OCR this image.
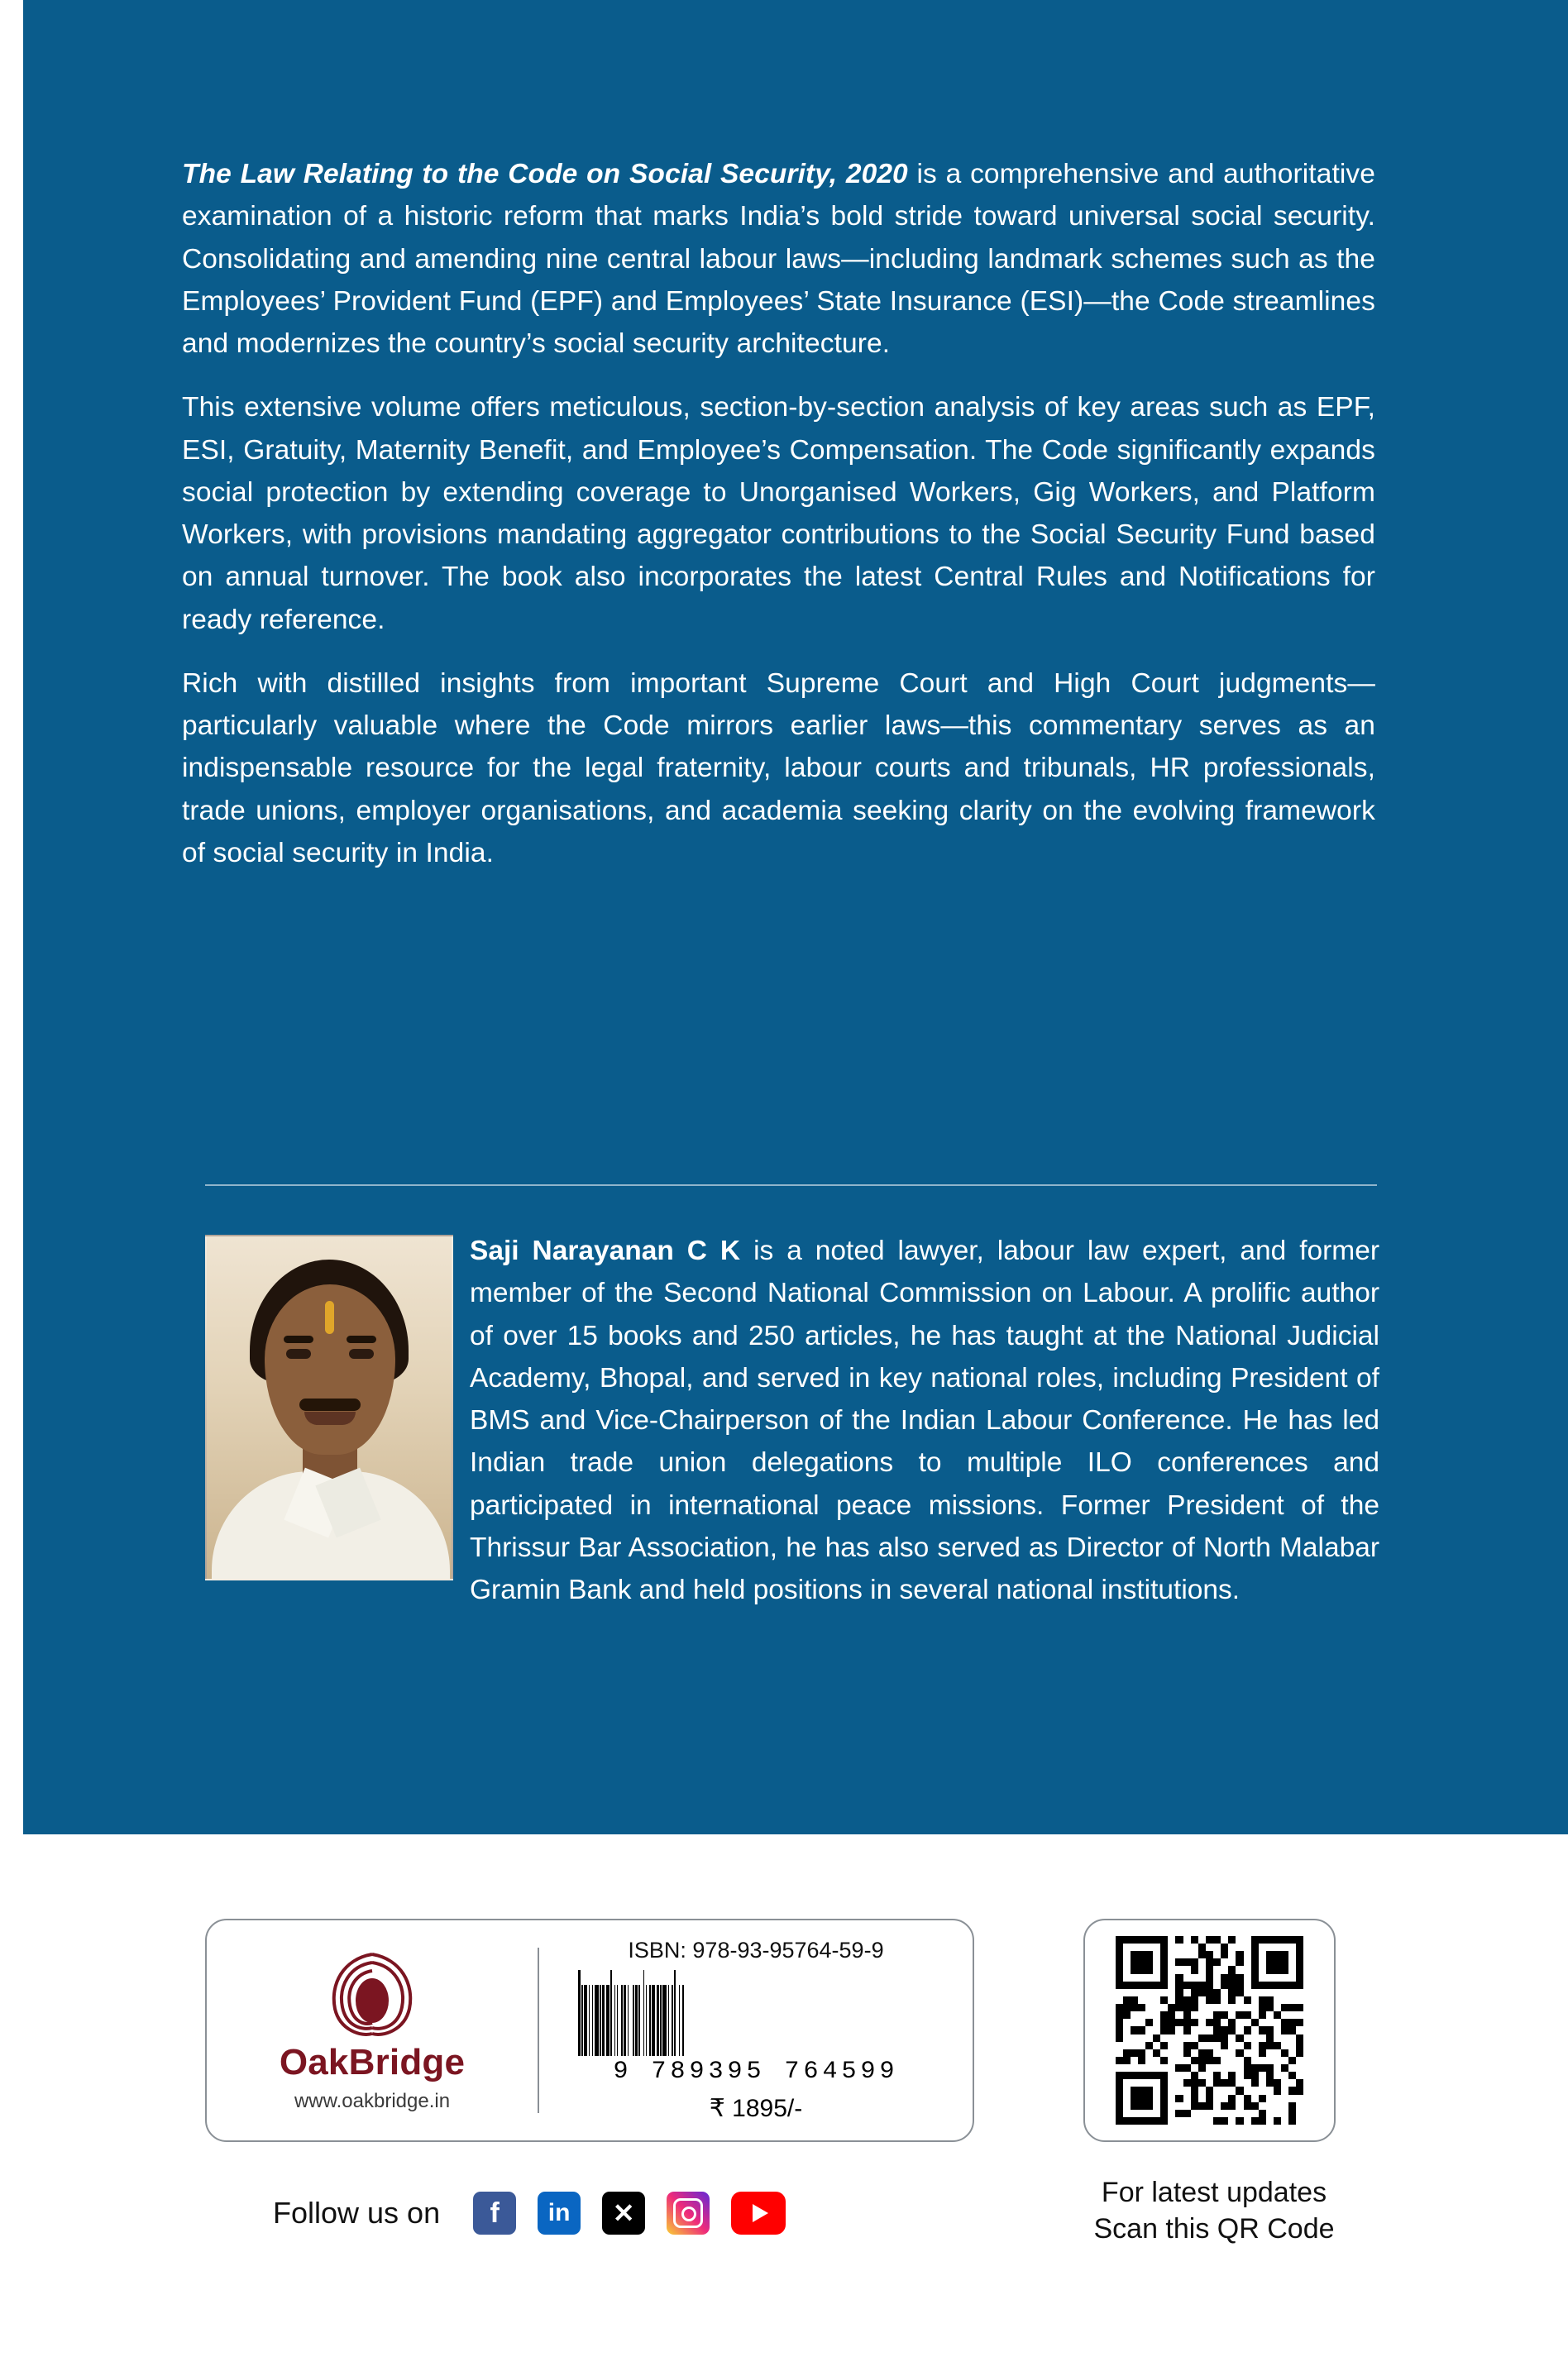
The Law Relating to the Code on Social Security, 2020 is a comprehensive and authoritative examination of a historic reform that marks India’s bold stride toward universal social security. Consolidating and amending nine central labour laws—including landmark schemes such as the Employees’ Provident Fund (EPF) and Employees’ State Insurance (ESI)—the Code streamlines and modernizes the country’s social security architecture.

This extensive volume offers meticulous, section-by-section analysis of key areas such as EPF, ESI, Gratuity, Maternity Benefit, and Employee’s Compensation. The Code significantly expands social protection by extending coverage to Unorganised Workers, Gig Workers, and Platform Workers, with provisions mandating aggregator contributions to the Social Security Fund based on annual turnover. The book also incorporates the latest Central Rules and Notifications for ready reference.

Rich with distilled insights from important Supreme Court and High Court judgments—particularly valuable where the Code mirrors earlier laws—this commentary serves as an indispensable resource for the legal fraternity, labour courts and tribunals, HR professionals, trade unions, employer organisations, and academia seeking clarity on the evolving framework of social security in India.

Saji Narayanan C K is a noted lawyer, labour law expert, and former member of the Second National Commission on Labour. A prolific author of over 15 books and 250 articles, he has taught at the National Judicial Academy, Bhopal, and served in key national roles, including President of BMS and Vice-Chairperson of the Indian Labour Conference. He has led Indian trade union delegations to multiple ILO conferences and participated in international peace missions. Former President of the Thrissur Bar Association, he has also served as Director of North Malabar Gramin Bank and held positions in several national institutions.
OakBridge
www.oakbridge.in
ISBN: 978-93-95764-59-9
9 789395 764599
₹ 1895/-
Follow us on f in ✕
For latest updates
Scan this QR Code
